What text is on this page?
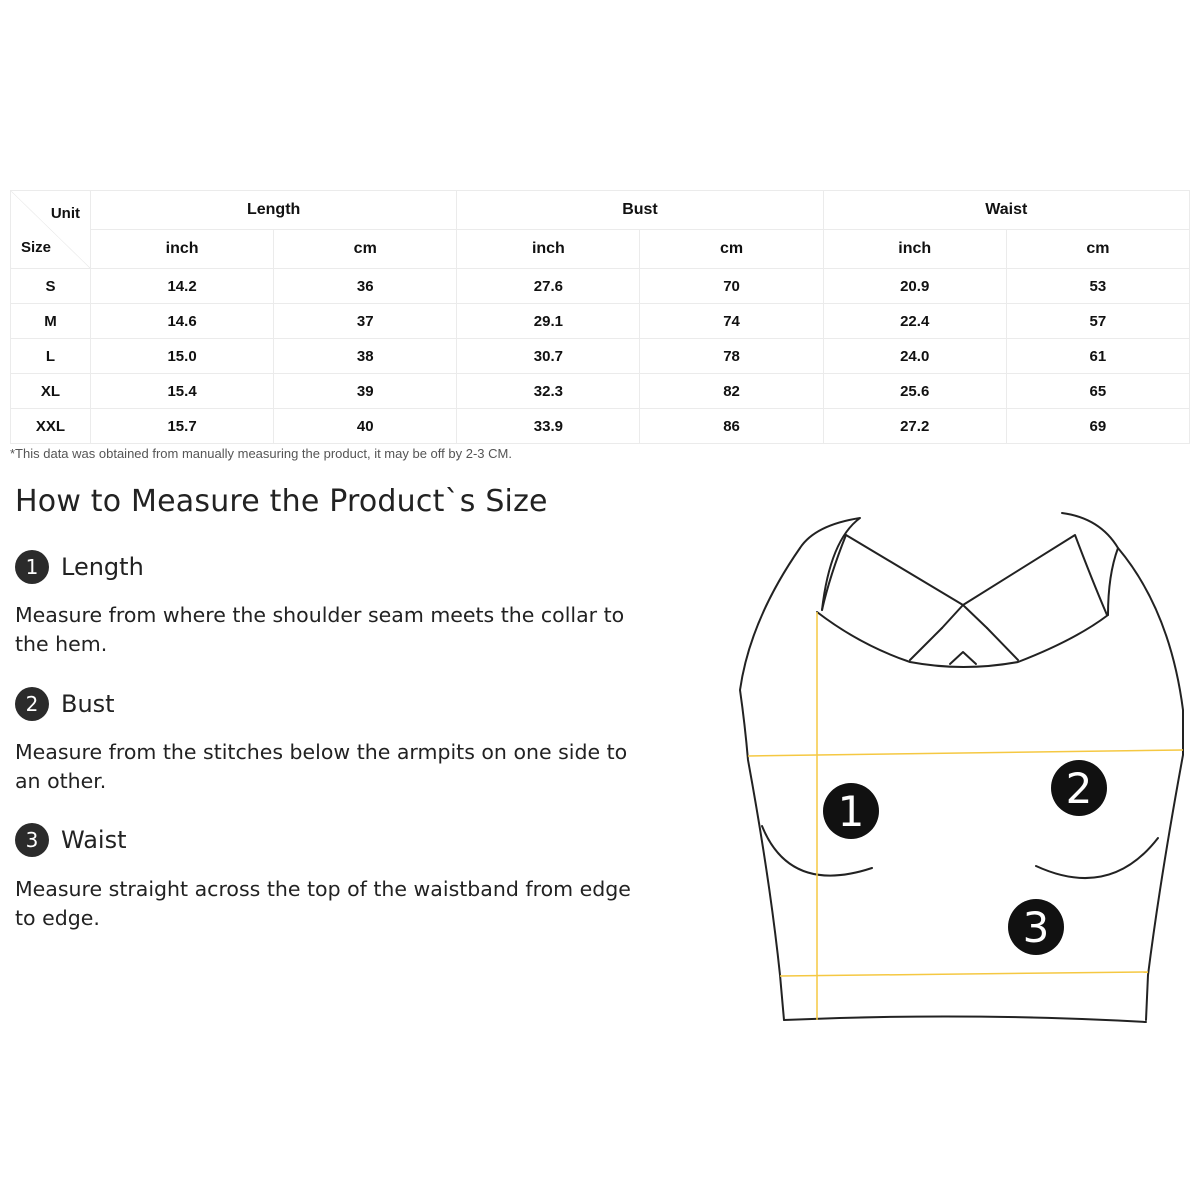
Unit
Size	Length		Bust		Waist	
	inch	cm	inch	cm	inch	cm
S	14.2	36	27.6	70	20.9	53
M	14.6	37	29.1	74	22.4	57
L	15.0	38	30.7	78	24.0	61
XL	15.4	39	32.3	82	25.6	65
XXL	15.7	40	33.9	86	27.2	69
*This data was obtained from manually measuring the product, it may be off by 2-3 CM.
How to Measure the Product`s Size
1 Length
Measure from where the shoulder seam meets the collar to the hem.
2 Bust
Measure from the stitches below the armpits on one side to an other.
3 Waist
Measure straight across the top of the waistband from edge to edge.
1	2
3
